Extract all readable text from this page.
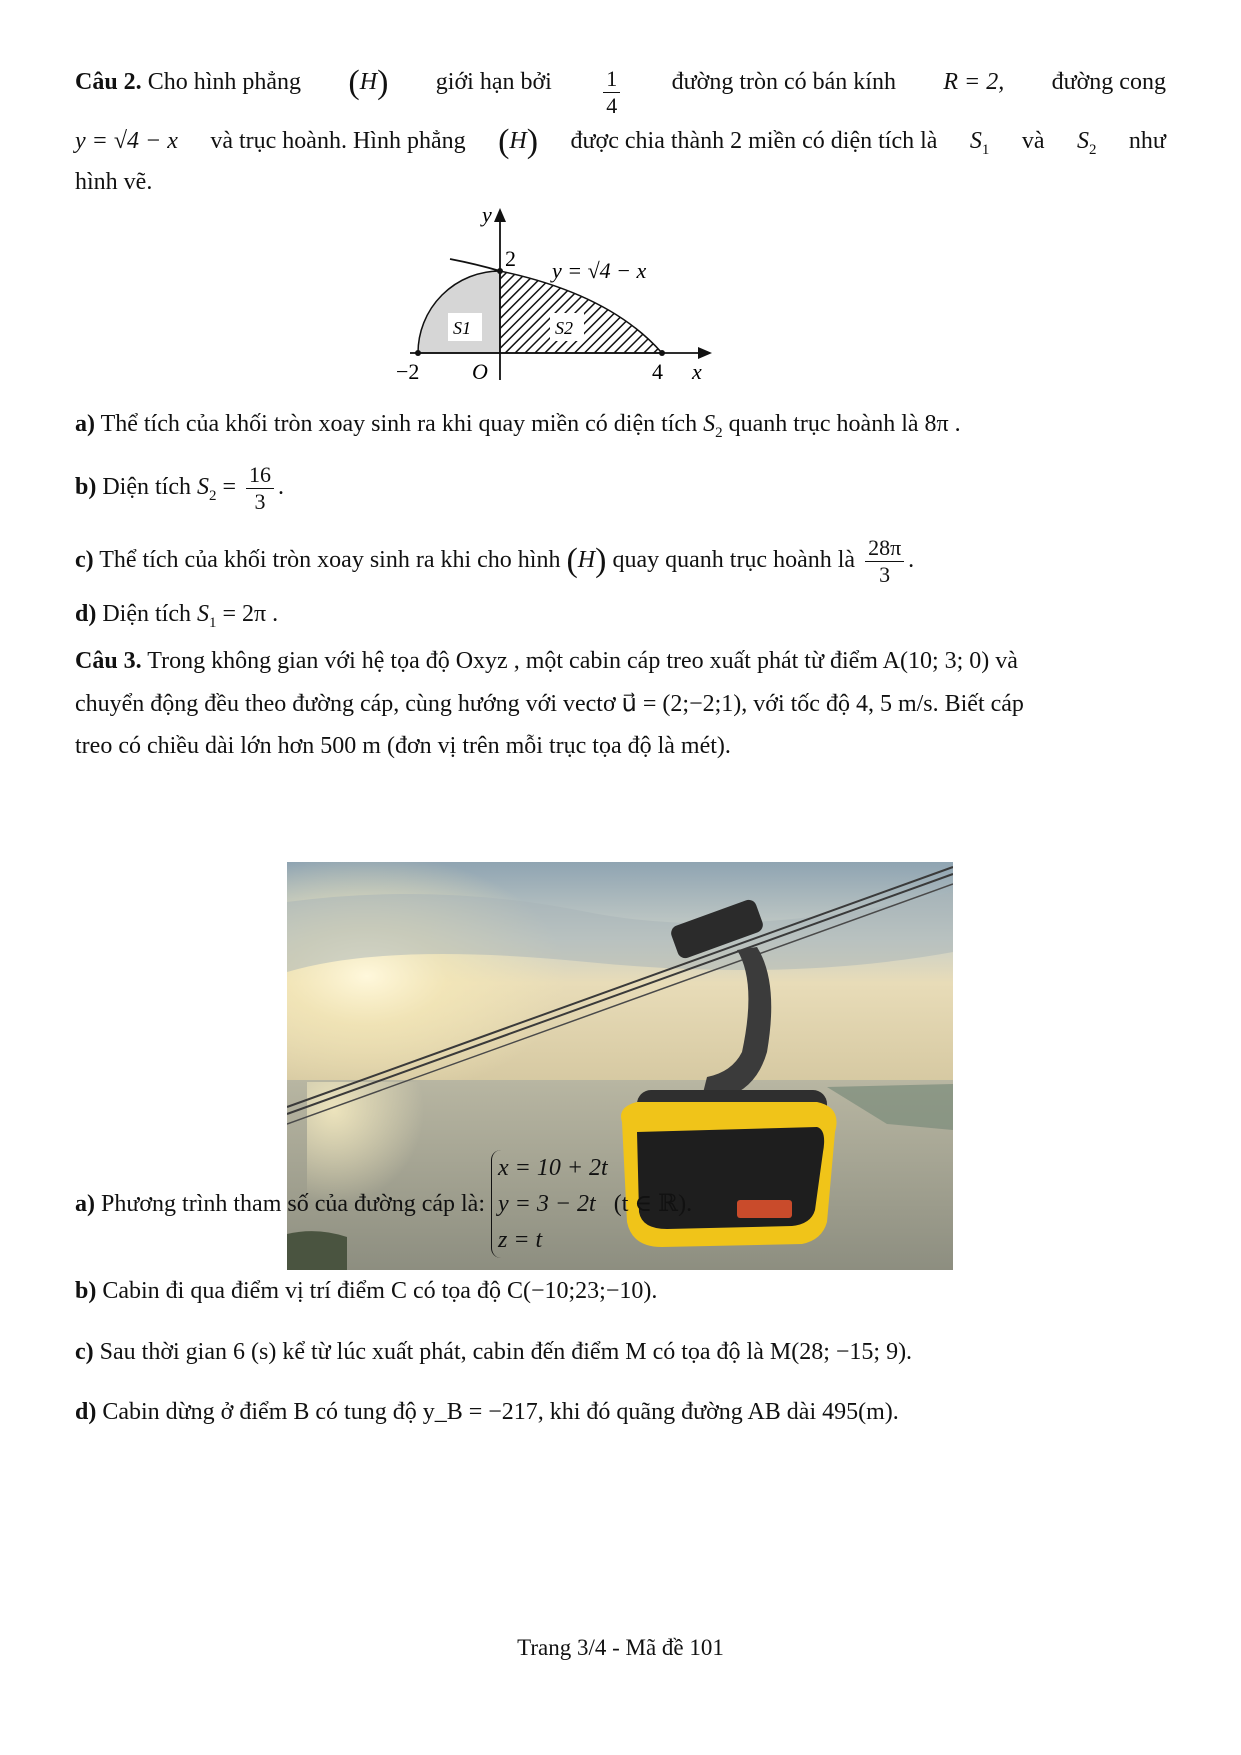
Câu 2. Cho hình phẳng (H) giới hạn bởi $\frac{1}{4}$ đường tròn có bán kính R = 2, đường cong
y = √4 − x và trục hoành. Hình phẳng (H) được chia thành 2 miền có diện tích là $S_1$ và $S_2$ như
hình vẽ.
y
x
2
−2	4
O
y = √4 − x
S1	S2
a) Thể tích của khối tròn xoay sinh ra khi quay miền có diện tích $S_2$ quanh trục hoành là 8π .
b) Diện tích $S_2 = \frac{16}{3}$ .
c) Thể tích của khối tròn xoay sinh ra khi cho hình (H) quay quanh trục hoành là $\frac{28\pi}{3}$ .
d) Diện tích $S_1 = 2\pi$ .
Câu 3. Trong không gian với hệ tọa độ Oxyz , một cabin cáp treo xuất phát từ điểm A(10; 3; 0) và
chuyển động đều theo đường cáp, cùng hướng với vectơ u⃗ = (2;−2;1), với tốc độ 4, 5 m/s. Biết cáp
treo có chiều dài lớn hơn 500 m (đơn vị trên mỗi trục tọa độ là mét).
a)
Phương trình tham số của đường cáp là:
x = 10 + 2t
y = 3 − 2t
z = t
(t ∈ ℝ).
b) Cabin đi qua điểm vị trí điểm C có tọa độ C(−10;23;−10).
c) Sau thời gian 6 (s) kể từ lúc xuất phát, cabin đến điểm M có tọa độ là M(28; −15; 9).
d) Cabin dừng ở điểm B có tung độ y_B = −217, khi đó quãng đường AB dài 495(m).
Trang 3/4 - Mã đề 101
